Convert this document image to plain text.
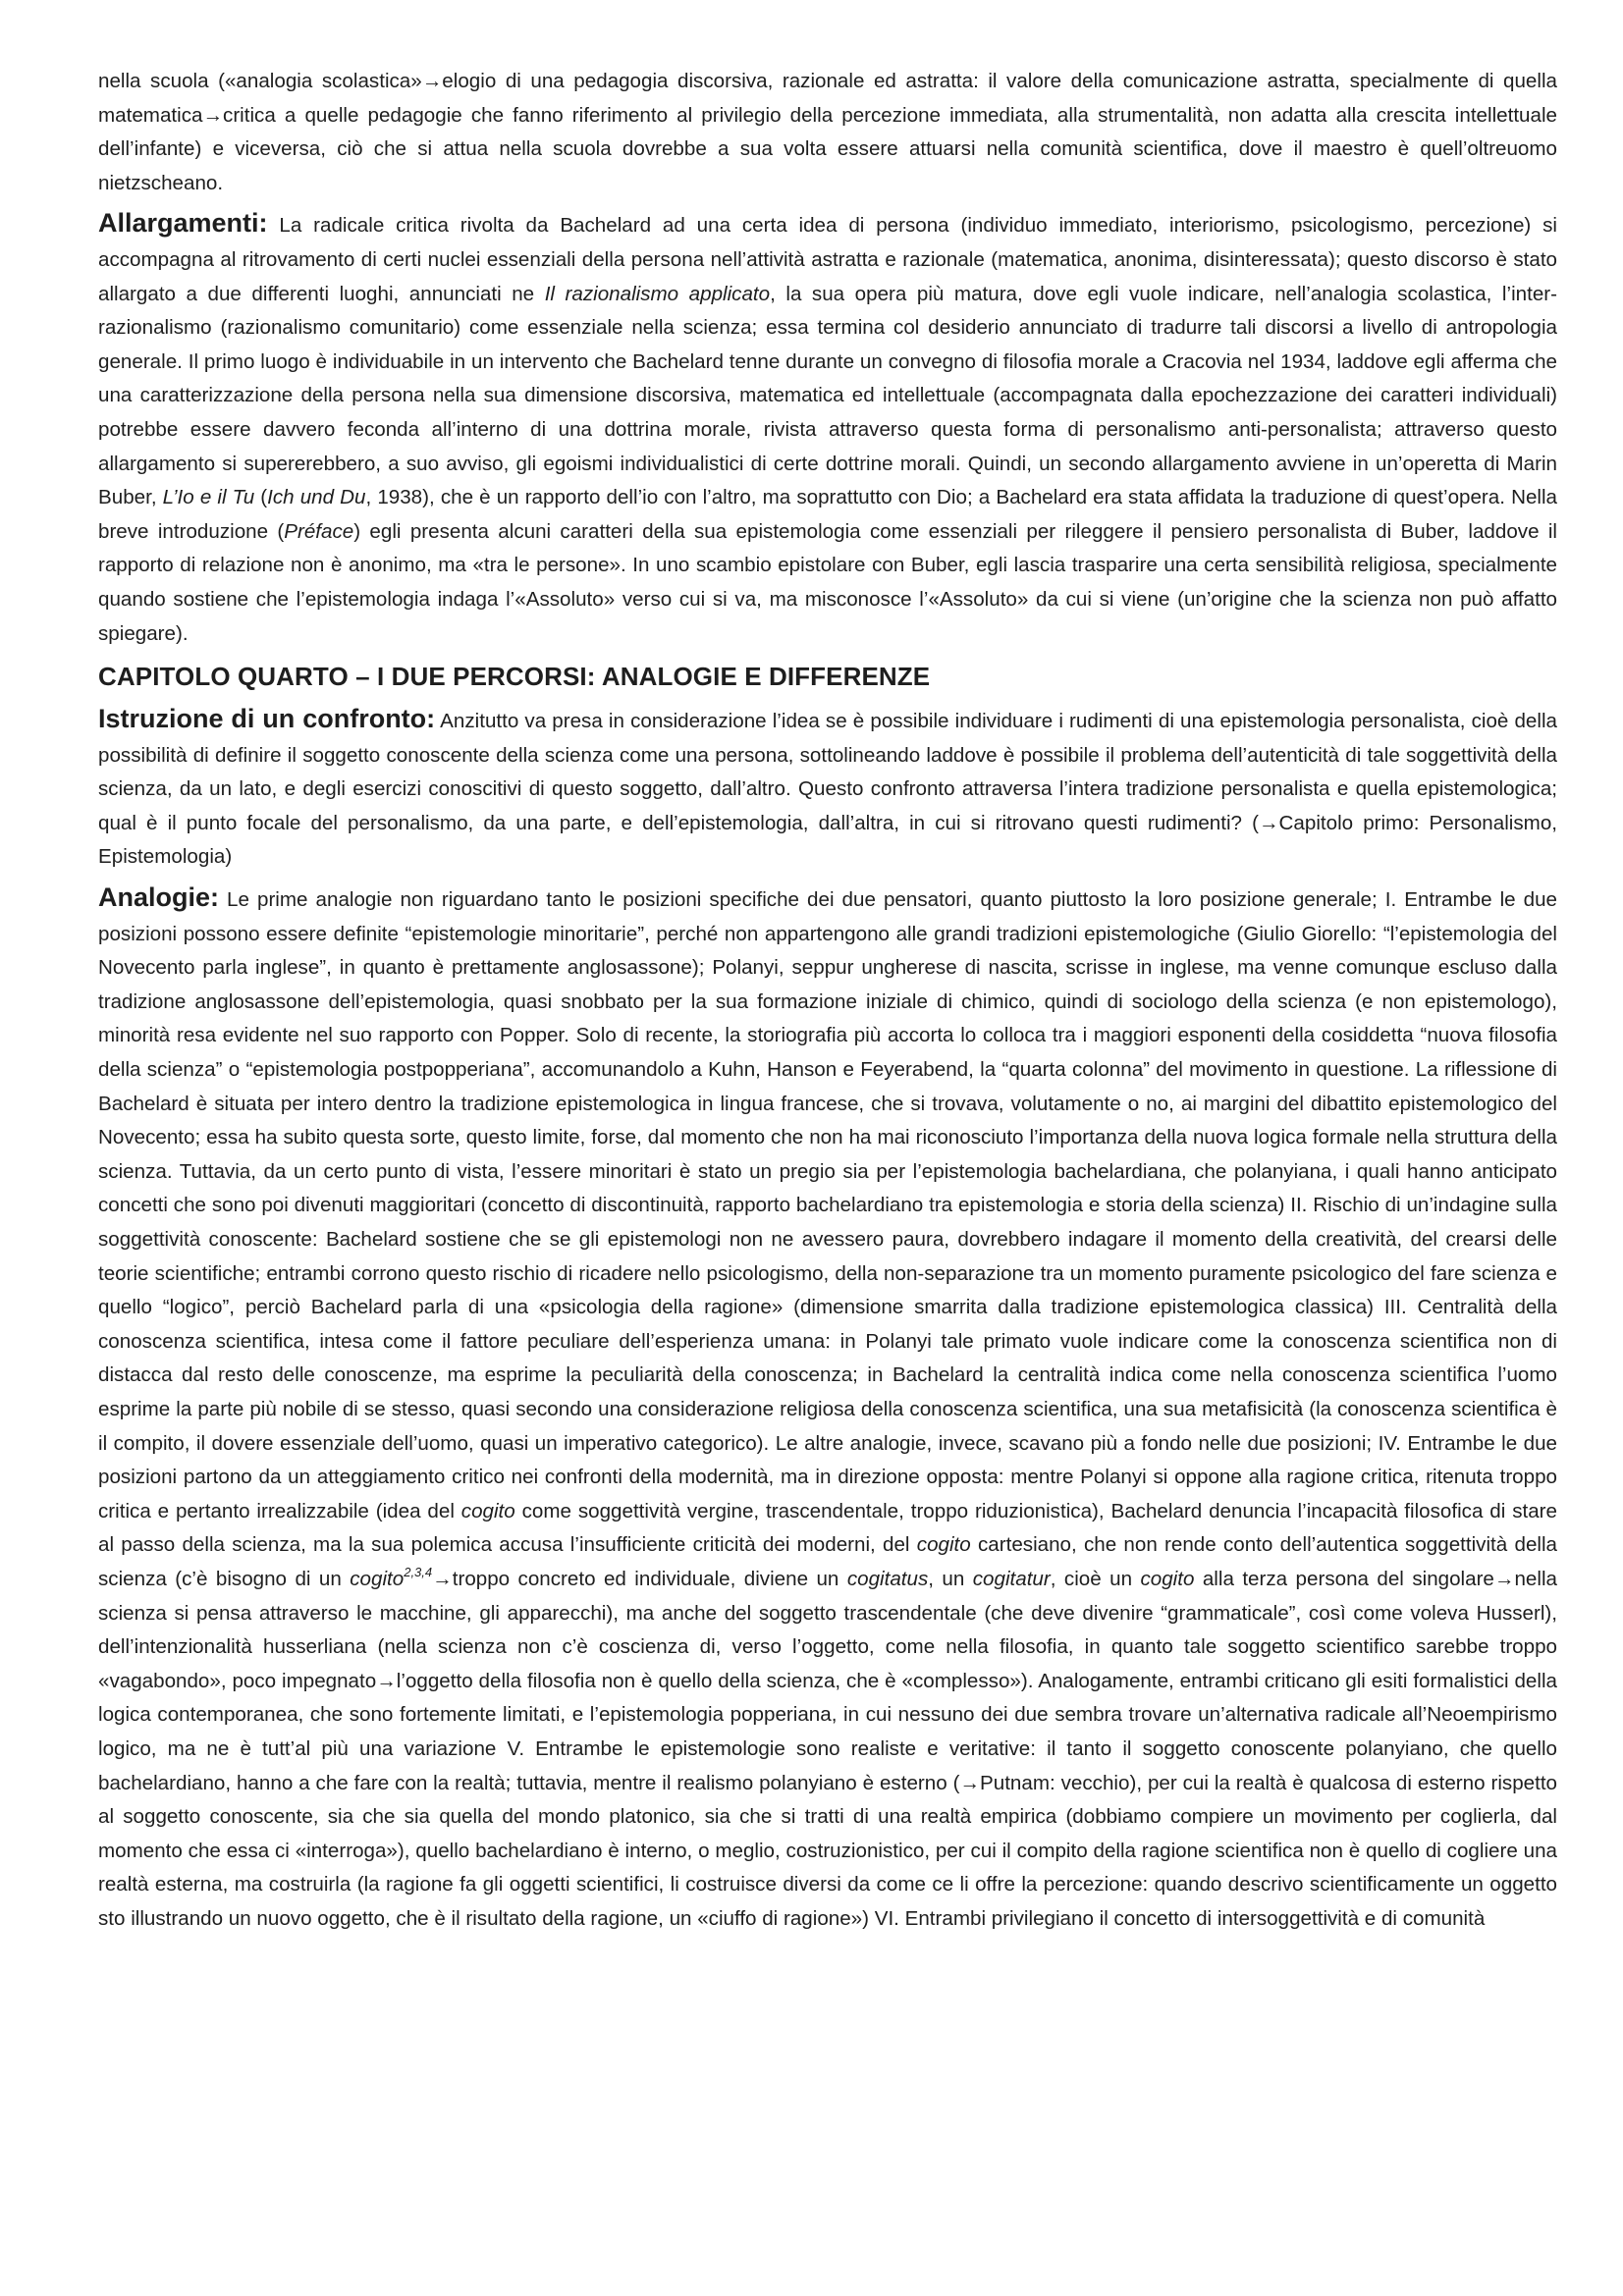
nella scuola («analogia scolastica»→elogio di una pedagogia discorsiva, razionale ed astratta: il valore della comunicazione astratta, specialmente di quella matematica→critica a quelle pedagogie che fanno riferimento al privilegio della percezione immediata, alla strumentalità, non adatta alla crescita intellettuale dell’infante) e viceversa, ciò che si attua nella scuola dovrebbe a sua volta essere attuarsi nella comunità scientifica, dove il maestro è quell’oltreuomo nietzscheano.

Allargamenti: La radicale critica rivolta da Bachelard ad una certa idea di persona (individuo immediato, interiorismo, psicologismo, percezione) si accompagna al ritrovamento di certi nuclei essenziali della persona nell’attività astratta e razionale (matematica, anonima, disinteressata); questo discorso è stato allargato a due differenti luoghi, annunciati ne Il razionalismo applicato, la sua opera più matura, dove egli vuole indicare, nell’analogia scolastica, l’inter-razionalismo (razionalismo comunitario) come essenziale nella scienza; essa termina col desiderio annunciato di tradurre tali discorsi a livello di antropologia generale. Il primo luogo è individuabile in un intervento che Bachelard tenne durante un convegno di filosofia morale a Cracovia nel 1934, laddove egli afferma che una caratterizzazione della persona nella sua dimensione discorsiva, matematica ed intellettuale (accompagnata dalla epochezzazione dei caratteri individuali) potrebbe essere davvero feconda all’interno di una dottrina morale, rivista attraverso questa forma di personalismo anti-personalista; attraverso questo allargamento si supererebbero, a suo avviso, gli egoismi individualistici di certe dottrine morali. Quindi, un secondo allargamento avviene in un’operetta di Marin Buber, L’Io e il Tu (Ich und Du, 1938), che è un rapporto dell’io con l’altro, ma soprattutto con Dio; a Bachelard era stata affidata la traduzione di quest’opera. Nella breve introduzione (Préface) egli presenta alcuni caratteri della sua epistemologia come essenziali per rileggere il pensiero personalista di Buber, laddove il rapporto di relazione non è anonimo, ma «tra le persone». In uno scambio epistolare con Buber, egli lascia trasparire una certa sensibilità religiosa, specialmente quando sostiene che l’epistemologia indaga l’«Assoluto» verso cui si va, ma misconosce l’«Assoluto» da cui si viene (un’origine che la scienza non può affatto spiegare).

CAPITOLO QUARTO – I DUE PERCORSI: ANALOGIE E DIFFERENZE

Istruzione di un confronto: Anzitutto va presa in considerazione l’idea se è possibile individuare i rudimenti di una epistemologia personalista, cioè della possibilità di definire il soggetto conoscente della scienza come una persona, sottolineando laddove è possibile il problema dell’autenticità di tale soggettività della scienza, da un lato, e degli esercizi conoscitivi di questo soggetto, dall’altro. Questo confronto attraversa l’intera tradizione personalista e quella epistemologica; qual è il punto focale del personalismo, da una parte, e dell’epistemologia, dall’altra, in cui si ritrovano questi rudimenti? (→Capitolo primo: Personalismo, Epistemologia)

Analogie: Le prime analogie non riguardano tanto le posizioni specifiche dei due pensatori, quanto piuttosto la loro posizione generale; I. Entrambe le due posizioni possono essere definite “epistemologie minoritarie”, perché non appartengono alle grandi tradizioni epistemologiche (Giulio Giorello: “l’epistemologia del Novecento parla inglese”, in quanto è prettamente anglosassone); Polanyi, seppur ungherese di nascita, scrisse in inglese, ma venne comunque escluso dalla tradizione anglosassone dell’epistemologia, quasi snobbato per la sua formazione iniziale di chimico, quindi di sociologo della scienza (e non epistemologo), minorità resa evidente nel suo rapporto con Popper. Solo di recente, la storiografia più accorta lo colloca tra i maggiori esponenti della cosiddetta “nuova filosofia della scienza” o “epistemologia postpopperiana”, accomunandolo a Kuhn, Hanson e Feyerabend, la “quarta colonna” del movimento in questione. La riflessione di Bachelard è situata per intero dentro la tradizione epistemologica in lingua francese, che si trovava, volutamente o no, ai margini del dibattito epistemologico del Novecento; essa ha subito questa sorte, questo limite, forse, dal momento che non ha mai riconosciuto l’importanza della nuova logica formale nella struttura della scienza. Tuttavia, da un certo punto di vista, l’essere minoritari è stato un pregio sia per l’epistemologia bachelardiana, che polanyiana, i quali hanno anticipato concetti che sono poi divenuti maggioritari (concetto di discontinuità, rapporto bachelardiano tra epistemologia e storia della scienza) II. Rischio di un’indagine sulla soggettività conoscente: Bachelard sostiene che se gli epistemologi non ne avessero paura, dovrebbero indagare il momento della creatività, del crearsi delle teorie scientifiche; entrambi corrono questo rischio di ricadere nello psicologismo, della non-separazione tra un momento puramente psicologico del fare scienza e quello “logico”, perciò Bachelard parla di una «psicologia della ragione» (dimensione smarrita dalla tradizione epistemologica classica) III. Centralità della conoscenza scientifica, intesa come il fattore peculiare dell’esperienza umana: in Polanyi tale primato vuole indicare come la conoscenza scientifica non di distacca dal resto delle conoscenze, ma esprime la peculiarità della conoscenza; in Bachelard la centralità indica come nella conoscenza scientifica l’uomo esprime la parte più nobile di se stesso, quasi secondo una considerazione religiosa della conoscenza scientifica, una sua metafisicità (la conoscenza scientifica è il compito, il dovere essenziale dell’uomo, quasi un imperativo categorico). Le altre analogie, invece, scavano più a fondo nelle due posizioni; IV. Entrambe le due posizioni partono da un atteggiamento critico nei confronti della modernità, ma in direzione opposta: mentre Polanyi si oppone alla ragione critica, ritenuta troppo critica e pertanto irrealizzabile (idea del cogito come soggettività vergine, trascendentale, troppo riduzionistica), Bachelard denuncia l’incapacità filosofica di stare al passo della scienza, ma la sua polemica accusa l’insufficiente criticità dei moderni, del cogito cartesiano, che non rende conto dell’autentica soggettività della scienza (c’è bisogno di un cogito$^{2,3,4}$→troppo concreto ed individuale, diviene un cogitatus, un cogitatur, cioè un cogito alla terza persona del singolare→nella scienza si pensa attraverso le macchine, gli apparecchi), ma anche del soggetto trascendentale (che deve divenire “grammaticale”, così come voleva Husserl), dell’intenzionalità husserliana (nella scienza non c’è coscienza di, verso l’oggetto, come nella filosofia, in quanto tale soggetto scientifico sarebbe troppo «vagabondo», poco impegnato→l’oggetto della filosofia non è quello della scienza, che è «complesso»). Analogamente, entrambi criticano gli esiti formalistici della logica contemporanea, che sono fortemente limitati, e l’epistemologia popperiana, in cui nessuno dei due sembra trovare un’alternativa radicale all’Neoempirismo logico, ma ne è tutt’al più una variazione V. Entrambe le epistemologie sono realiste e veritative: il tanto il soggetto conoscente polanyiano, che quello bachelardiano, hanno a che fare con la realtà; tuttavia, mentre il realismo polanyiano è esterno (→Putnam: vecchio), per cui la realtà è qualcosa di esterno rispetto al soggetto conoscente, sia che sia quella del mondo platonico, sia che si tratti di una realtà empirica (dobbiamo compiere un movimento per coglierla, dal momento che essa ci «interroga»), quello bachelardiano è interno, o meglio, costruzionistico, per cui il compito della ragione scientifica non è quello di cogliere una realtà esterna, ma costruirla (la ragione fa gli oggetti scientifici, li costruisce diversi da come ce li offre la percezione: quando descrivo scientificamente un oggetto sto illustrando un nuovo oggetto, che è il risultato della ragione, un «ciuffo di ragione») VI. Entrambi privilegiano il concetto di intersoggettività e di comunità
